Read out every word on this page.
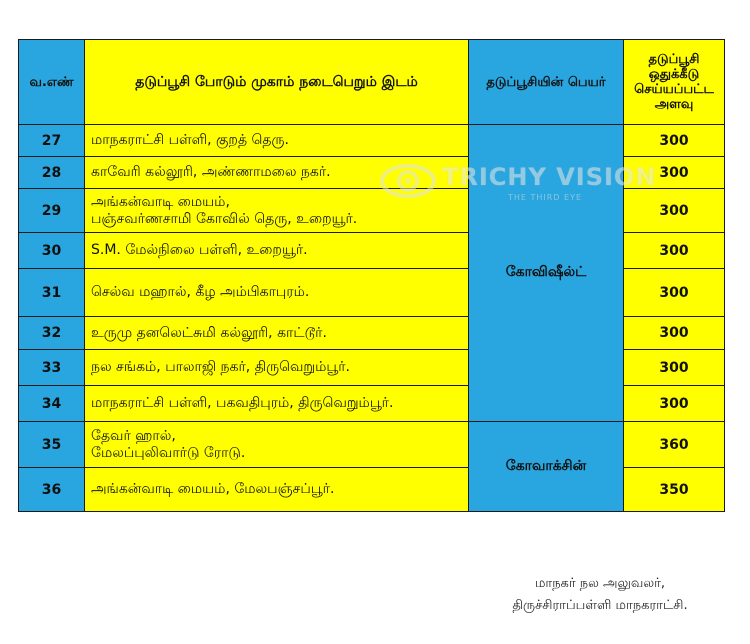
வ.எண்	தடுப்பூசி போடும் முகாம் நடைபெறும் இடம்	தடுப்பூசியின் பெயர்	தடுப்பூசி
ஒதுக்கீடு
செய்யப்பட்ட
அளவு

27	மாநகராட்சி பள்ளி, குறத் தெரு.	கோவிஷீல்ட்	300
28	காவேரி கல்லூரி, அண்ணாமலை நகர்.		300
29	அங்கன்வாடி மையம்,
பஞ்சவர்ணசாமி கோவில் தெரு, உறையூர்.		300
30	S.M. மேல்நிலை பள்ளி, உறையூர்.		300
31	செல்வ மஹால், கீழ அம்பிகாபுரம்.		300
32	உருமு தனலெட்சுமி கல்லூரி, காட்டூர்.		300
33	நல சங்கம், பாலாஜி நகர், திருவெறும்பூர்.		300
34	மாநகராட்சி பள்ளி, பகவதிபுரம், திருவெறும்பூர்.		300
35	தேவர் ஹால்,
மேலப்புலிவார்டு ரோடு.	கோவாக்சின்	360
36	அங்கன்வாடி மையம், மேலபஞ்சப்பூர்.		350
TRICHY VISION
THE THIRD EYE
மாநகர் நல அலுவலர்,
திருச்சிராப்பள்ளி மாநகராட்சி.
